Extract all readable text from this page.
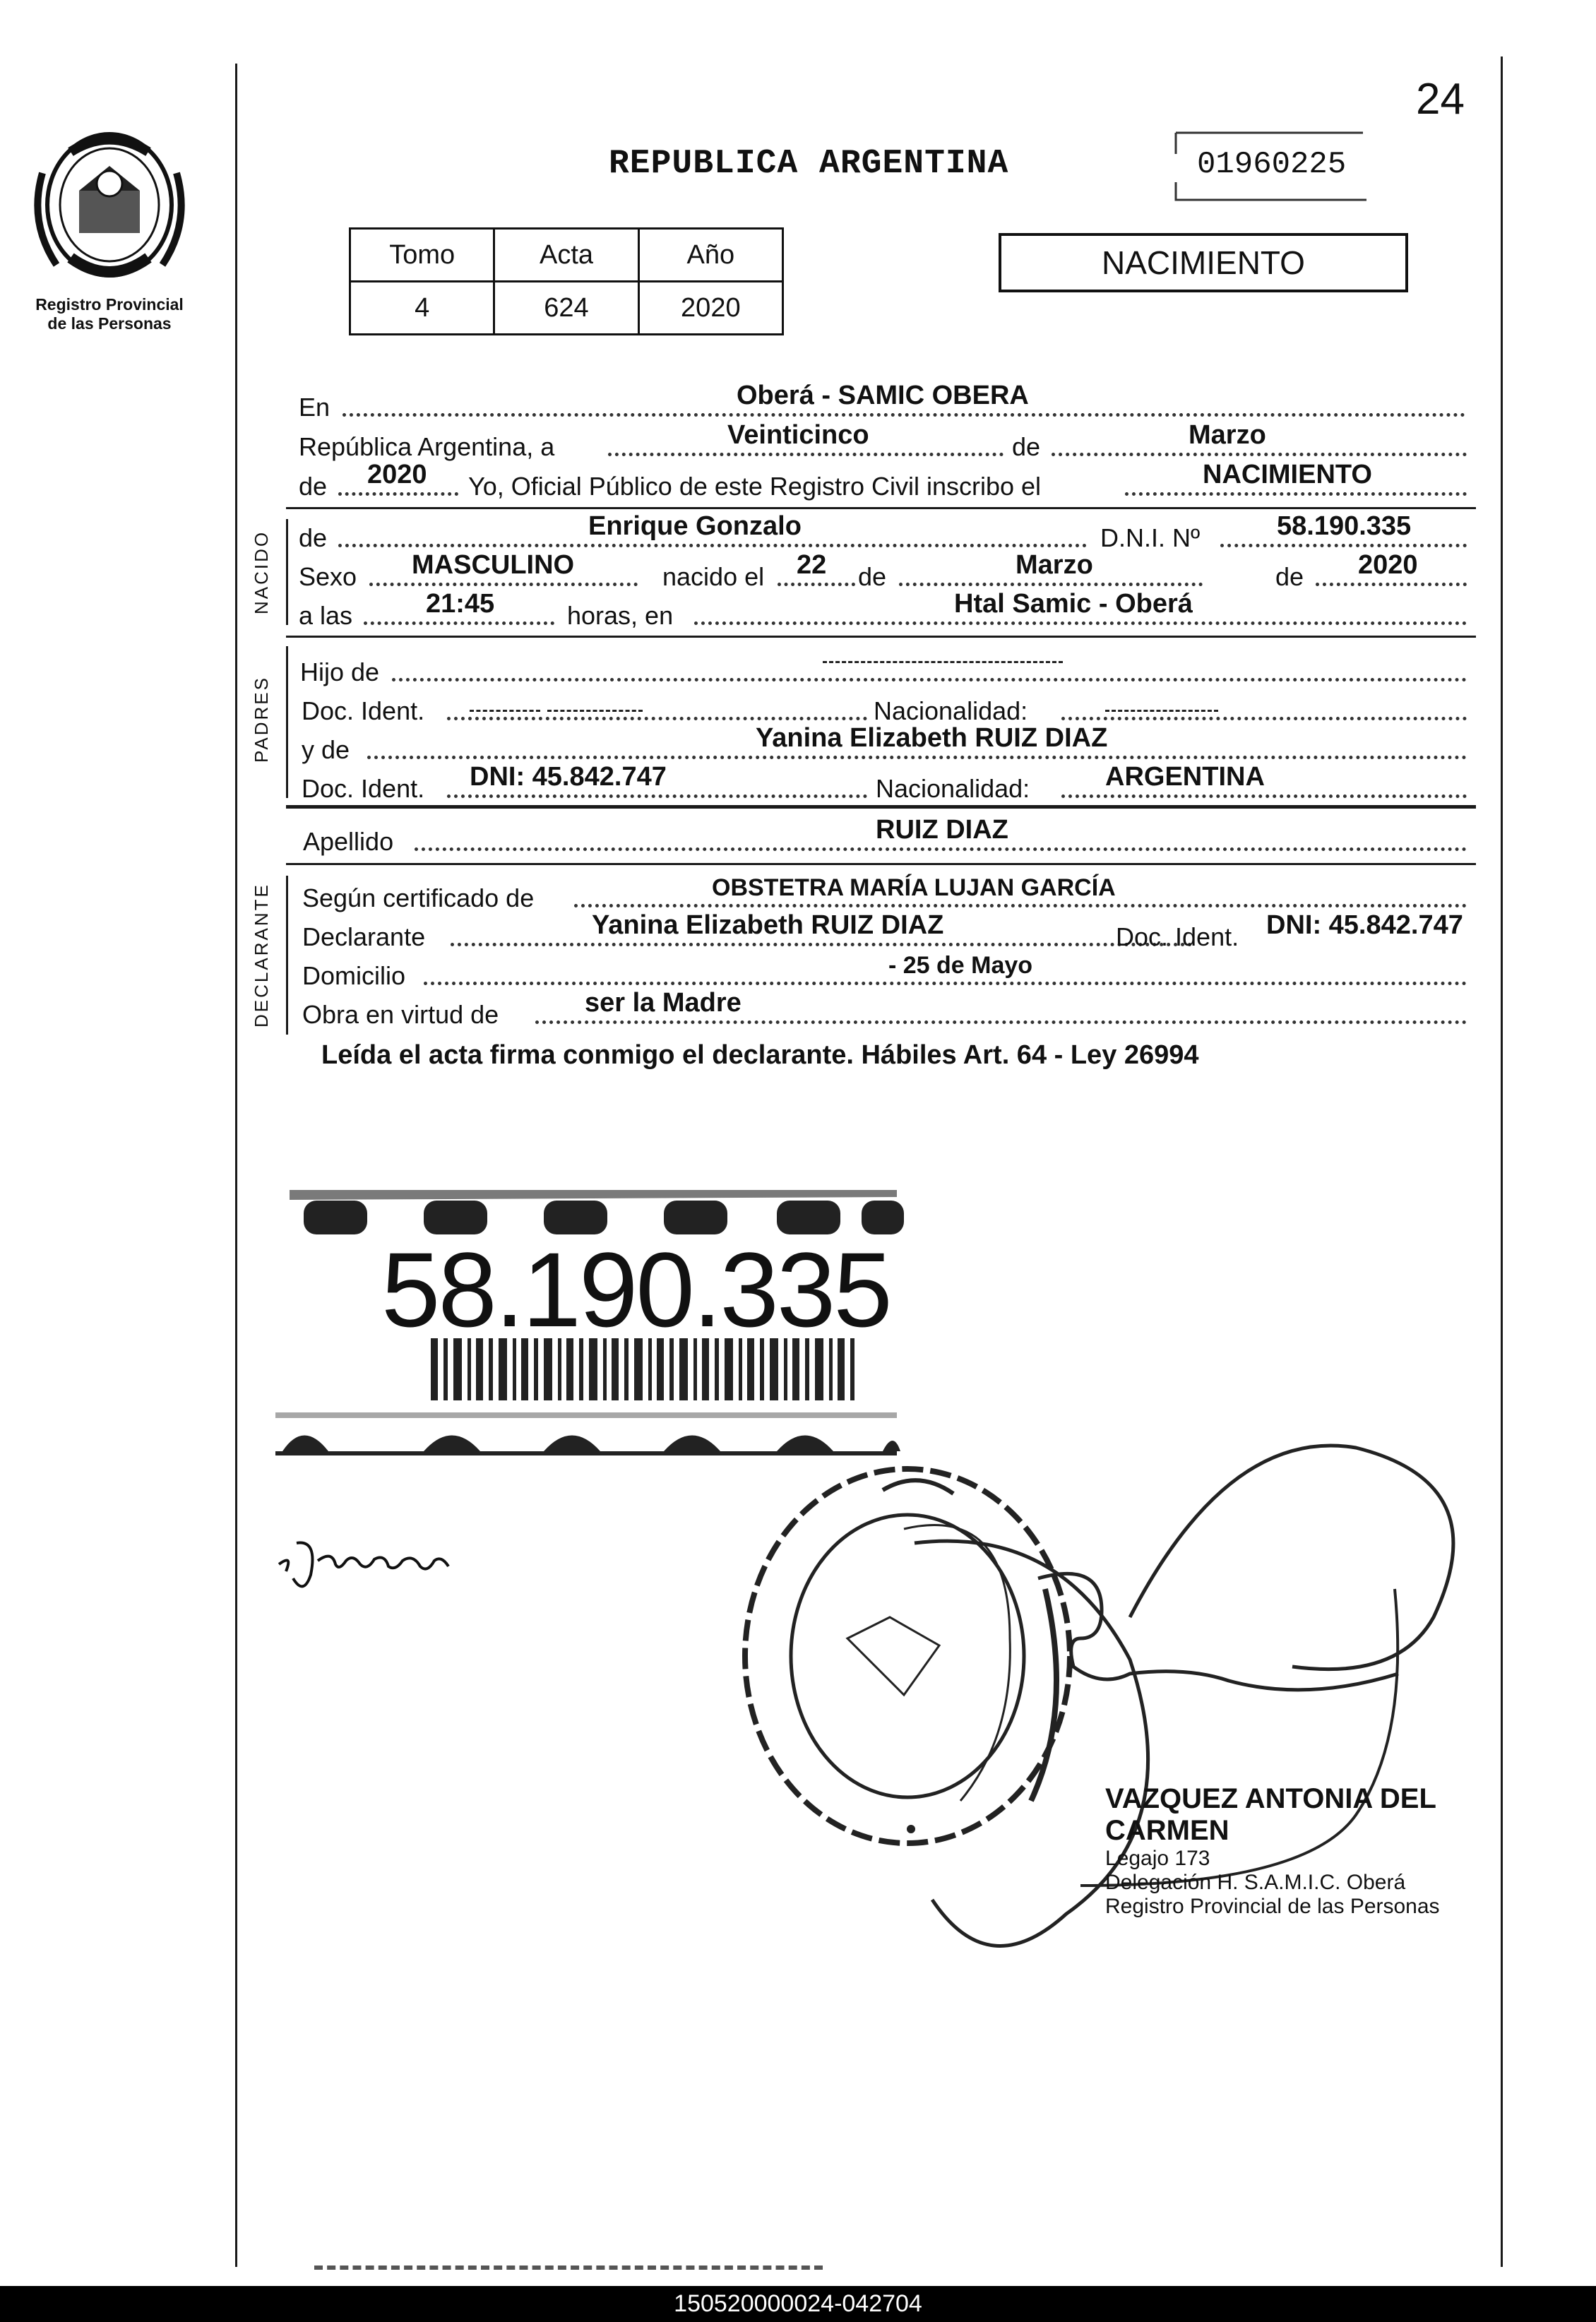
Registro Provincial
de las Personas
24
REPUBLICA ARGENTINA	01960225
Tomo	Acta	Año
4	624	2020
NACIMIENTO
En	Oberá - SAMIC OBERA
República Argentina, a	Veinticinco	de	Marzo
de 2020 Yo, Oficial Público de este Registro Civil inscribo el	NACIMIENTO
NACIDO de	Enrique Gonzalo	D.N.I. Nº	58.190.335
Sexo MASCULINO	nacido el 22 de	Marzo	de 2020
a las	21:45	horas, en	Htal Samic - Oberá
PADRES
Hijo de
Doc. Ident.	Nacionalidad:
y de	Yanina Elizabeth RUIZ DIAZ
Doc. Ident. DNI: 45.842.747	Nacionalidad:	ARGENTINA
Apellido	RUIZ DIAZ
DECLARANTE Según certificado de	OBSTETRA MARÍA LUJAN GARCÍA
Declarante	Yanina Elizabeth RUIZ DIAZ	Doc. Ident. DNI: 45.842.747
Domicilio	- 25 de Mayo
Obra en virtud de	ser la Madre
Leída el acta firma conmigo el declarante. Hábiles Art. 64 - Ley 26994
58.190.335
VAZQUEZ ANTONIA DEL CARMEN
Legajo 173
Delegación H. S.A.M.I.C. Oberá
Registro Provincial de las Personas
150520000024-042704
